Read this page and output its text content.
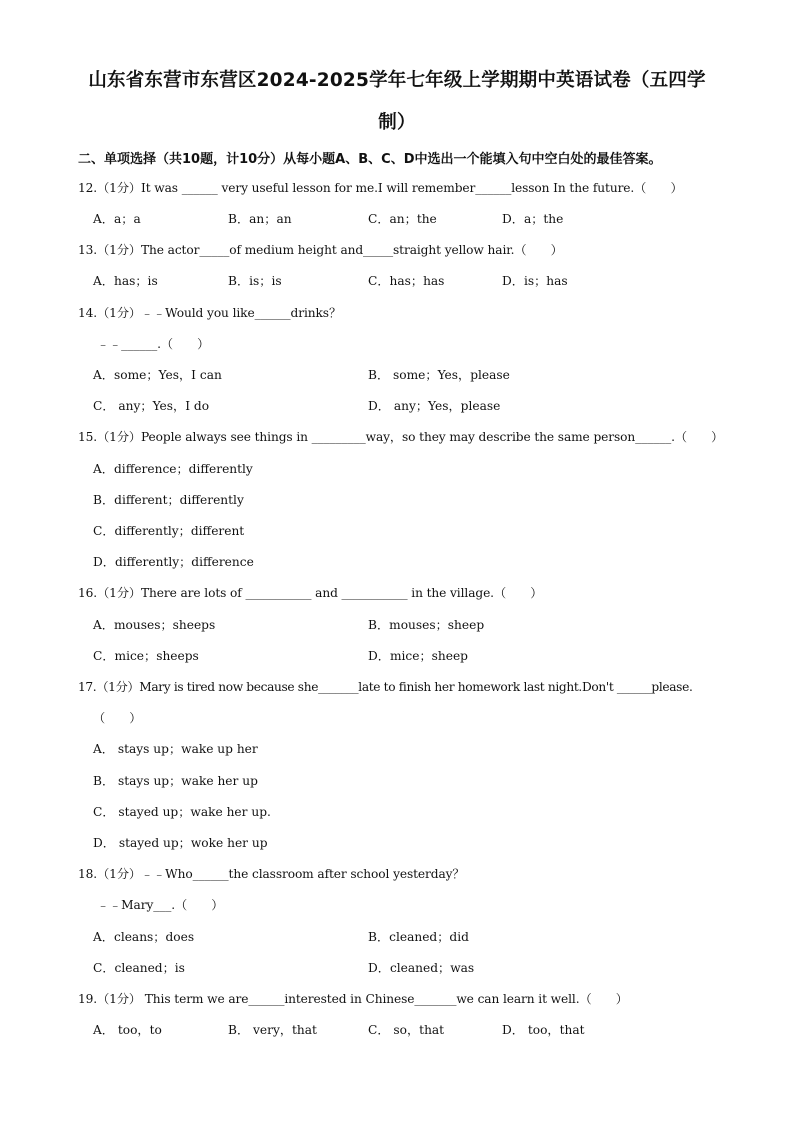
山东省东营市东营区2024-2025学年七年级上学期期中英语试卷（五四学
制）
二、单项选择（共10题，计10分）从每小题A、B、C、D中选出一个能填入句中空白处的最佳答案。
12.（1分）It was ______ very useful lesson for me.I will remember______lesson In the future.（　　）
A．a；a	B．an；an	C．an；the	D．a；the
13.（1分）The actor_____of medium height and_____straight yellow hair.（　　）
A．has；is	B．is；is	C．has；has	D．is；has
14.（1分）﹣﹣Would you like______drinks？
﹣﹣______.（　　）
A．some；Yes，I can	B． some；Yes，please
C． any；Yes，I do	D． any；Yes，please
15.（1分）People always see things in _________way，so they may describe the same person______.（　　）
A．difference；differently
B．different；differently
C．differently；different
D．differently；difference
16.（1分）There are lots of ___________ and ___________ in the village.（　　）
A．mouses；sheeps	B．mouses；sheep
C．mice；sheeps	D．mice；sheep
17.（1分）Mary is tired now because she_______late to finish her homework last night.Don't ______please.
（　　）
A． stays up；wake up her
B． stays up；wake her up
C． stayed up；wake her up.
D． stayed up；woke her up
18.（1分）﹣﹣Who______the classroom after school yesterday？
﹣﹣Mary___.（　　）
A．cleans；does	B．cleaned；did
C．cleaned；is	D．cleaned；was
19.（1分） This term we are______interested in Chinese_______we can learn it well.（　　）
A． too，to	B． very，that	C． so，that	D． too，that
